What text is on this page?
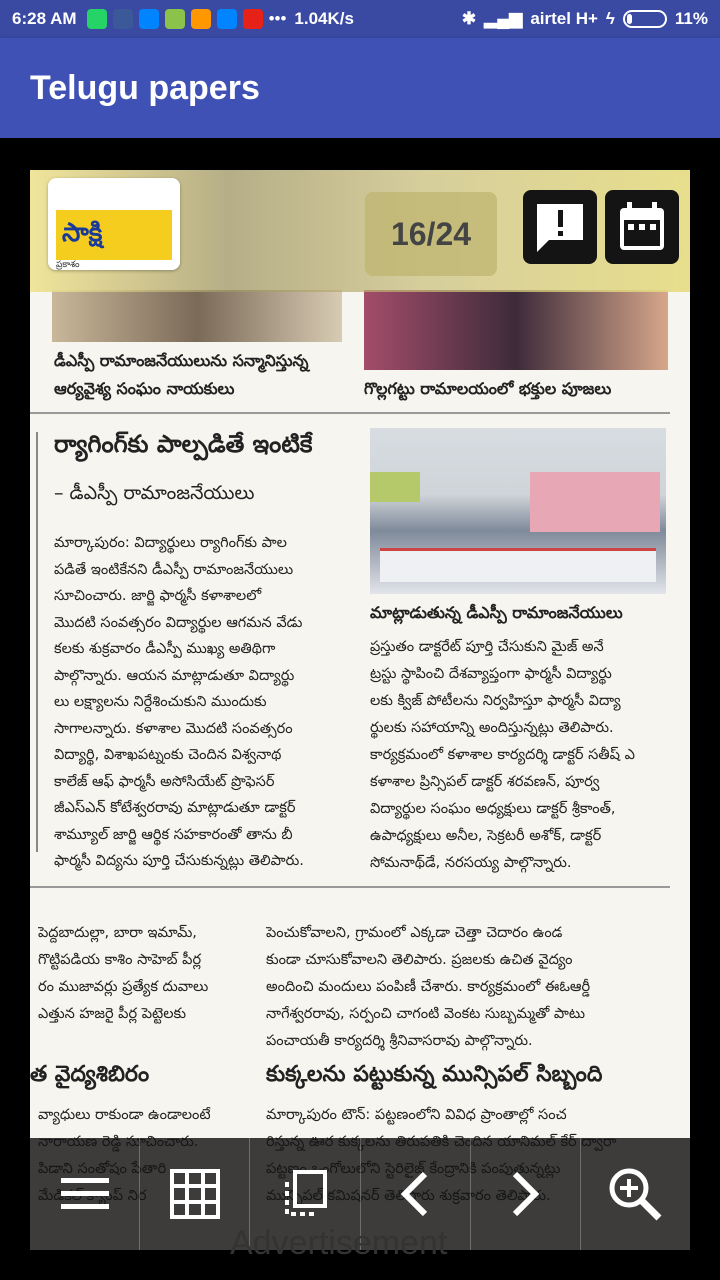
6:28 AM	••• 1.04K/s	✱ ▂▄▆ airtel H+ ϟ	11%
Telugu papers
డీఎస్పీ రామాంజనేయులును సన్మానిస్తున్న
ఆర్యవైశ్య సంఘం నాయకులు	గొల్లగట్టు రామాలయంలో భక్తుల పూజలు
ర్యాగింగ్‌కు పాల్పడితే ఇంటికే
– డీఎస్పీ రామాంజనేయులు
మార్కాపురం: విద్యార్థులు ర్యాగింగ్‌కు పాల
పడితే ఇంటికేనని డీఎస్పీ రామాంజనేయులు
సూచించారు. జార్జి ఫార్మసీ కళాశాలలో
మొదటి సంవత్సరం విద్యార్థుల ఆగమన వేడు
కలకు శుక్రవారం డీఎస్పీ ముఖ్య అతిథిగా
పాల్గొన్నారు. ఆయన మాట్లాడుతూ విద్యార్థు
లు లక్ష్యాలను నిర్దేశించుకుని ముందుకు
సాగాలన్నారు. కళాశాల మొదటి సంవత్సరం
విద్యార్థి, విశాఖపట్నంకు చెందిన విశ్వనాథ
కాలేజ్ ఆఫ్ ఫార్మసీ అసోసియేట్ ప్రొఫెసర్
జీఎస్ఎన్ కోటేశ్వరరావు మాట్లాడుతూ డాక్టర్
శామ్యూల్ జార్జి ఆర్థిక సహకారంతో తాను బీ
ఫార్మసీ విద్యను పూర్తి చేసుకున్నట్లు తెలిపారు.
మాట్లాడుతున్న డీఎస్పీ రామాంజనేయులు
ప్రస్తుతం డాక్టరేట్ పూర్తి చేసుకుని మైజ్ అనే
ట్రస్టు స్థాపించి దేశవ్యాప్తంగా ఫార్మసీ విద్యార్థు
లకు క్విజ్ పోటీలను నిర్వహిస్తూ ఫార్మసీ విద్యా
ర్థులకు సహాయాన్ని అందిస్తున్నట్లు తెలిపారు.
కార్యక్రమంలో కళాశాల కార్యదర్శి డాక్టర్ సతీష్ ఎ
కళాశాల ప్రిన్సిపల్ డాక్టర్ శరవణన్, పూర్వ
విద్యార్థుల సంఘం అధ్యక్షులు డాక్టర్ శ్రీకాంత్,
ఉపాధ్యక్షులు అనీల, సెక్రటరీ అశోక్, డాక్టర్
సోమనాథ్‌డే, నరసయ్య పాల్గొన్నారు.
పెద్దబాదుల్లా, బారా ఇమామ్,
గొట్టిపడియ కాశిం సాహెబ్ పీర్ల
రం ముజావర్లు ప్రత్యేక దువాలు
ఎత్తున హజరై పీర్ల పెట్టెలకు
పెంచుకోవాలని, గ్రామంలో ఎక్కడా చెత్తా చెదారం ఉండ
కుండా చూసుకోవాలని తెలిపారు. ప్రజలకు ఉచిత వైద్యం
అందించి మందులు పంపిణీ చేశారు. కార్యక్రమంలో ఈఓఆర్డీ
నాగేశ్వరరావు, సర్పంచి చాగంటి వెంకట సుబ్బమ్మతో పాటు
పంచాయతీ కార్యదర్శి శ్రీనివాసరావు పాల్గొన్నారు.
త వైద్యశిబిరం	కుక్కలను పట్టుకున్న మున్సిపల్ సిబ్బంది
వ్యాధులు రాకుండా ఉండాలంటే	మార్కాపురం టౌన్: పట్టణంలోని వివిధ ప్రాంతాల్లో సంచ

సాక్షి
ప్రకాశం
16/24
Advertisement
